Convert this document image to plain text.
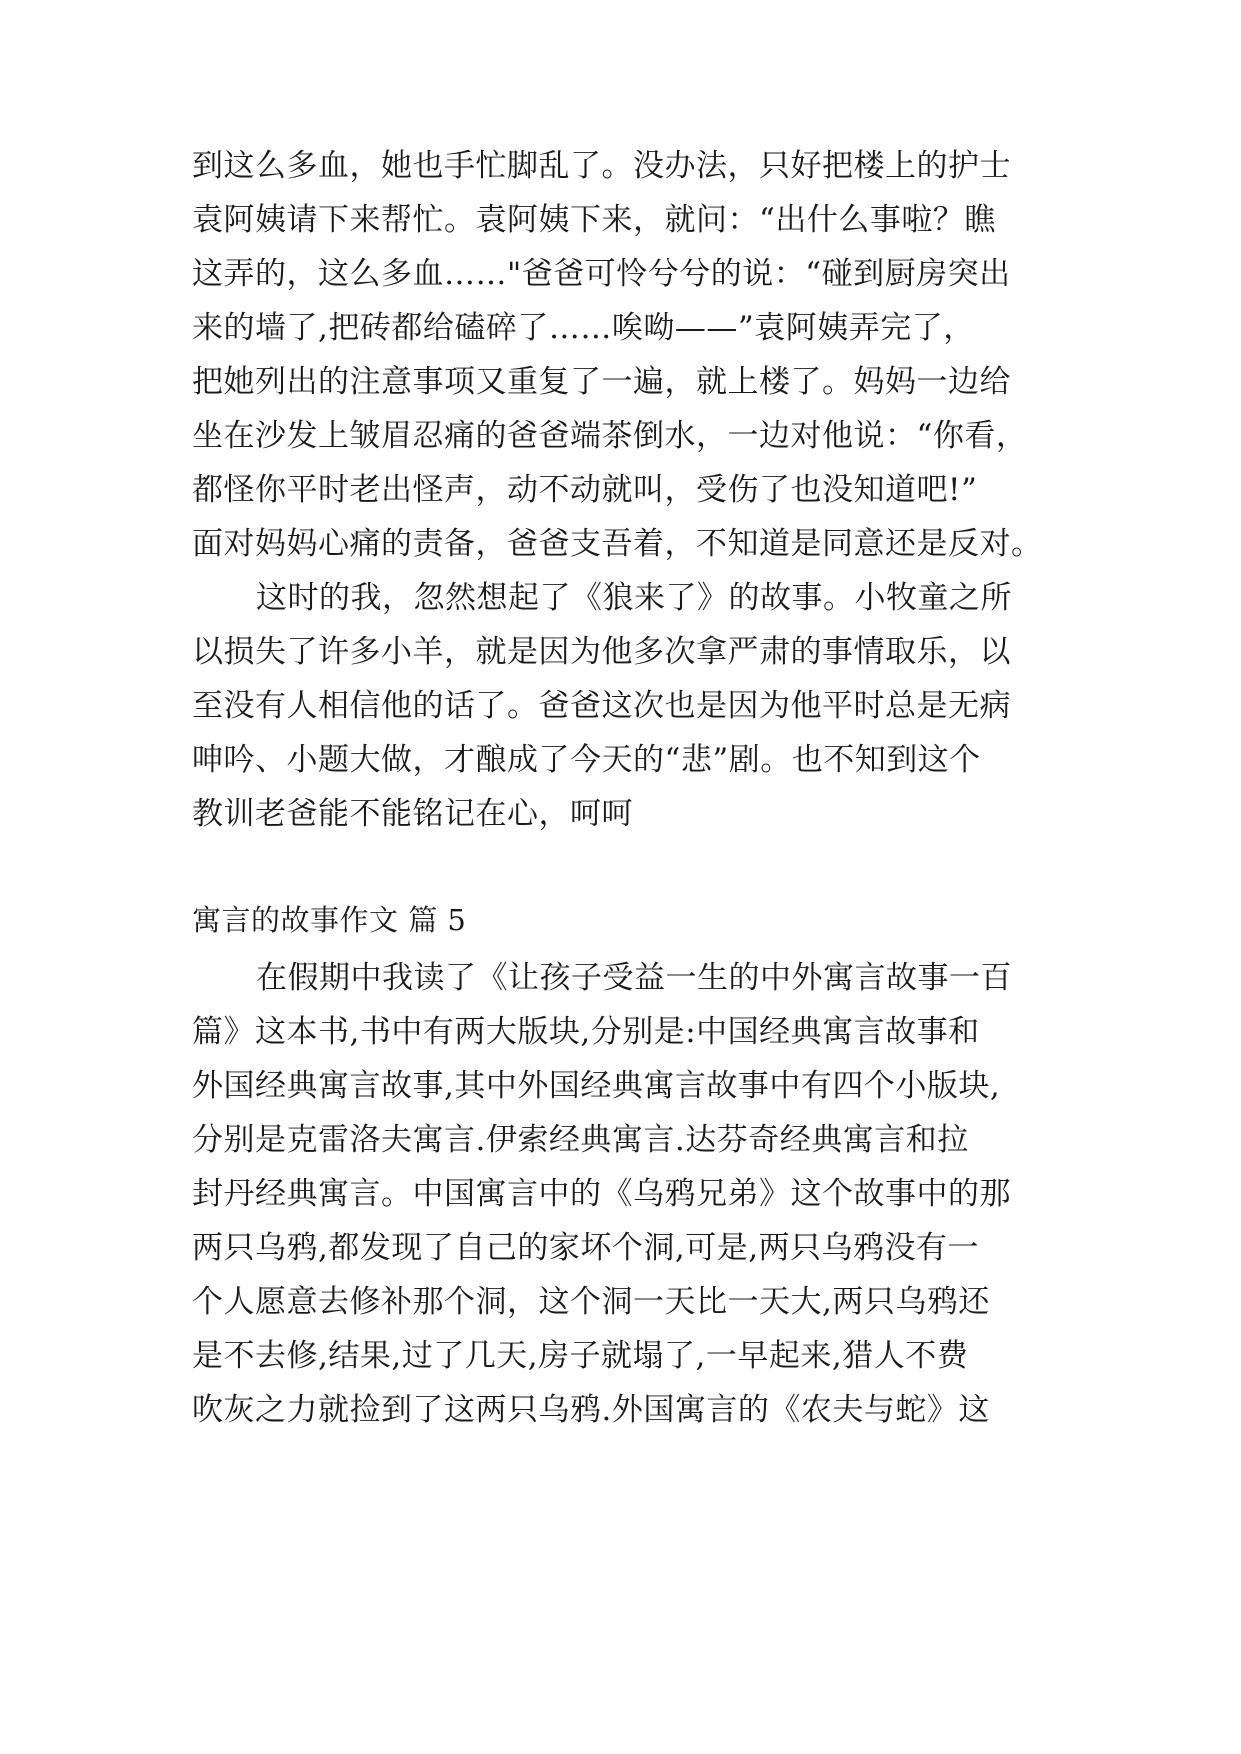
到这么多血，她也手忙脚乱了。没办法，只好把楼上的护士
袁阿姨请下来帮忙。袁阿姨下来，就问：“出什么事啦？瞧
这弄的，这么多血……"爸爸可怜兮兮的说：“碰到厨房突出
来的墙了,把砖都给磕碎了……唉呦——”袁阿姨弄完了，
把她列出的注意事项又重复了一遍，就上楼了。妈妈一边给
坐在沙发上皱眉忍痛的爸爸端茶倒水，一边对他说：“你看，
都怪你平时老出怪声，动不动就叫，受伤了也没知道吧!”
面对妈妈心痛的责备，爸爸支吾着，不知道是同意还是反对。
这时的我，忽然想起了《狼来了》的故事。小牧童之所
以损失了许多小羊，就是因为他多次拿严肃的事情取乐，以
至没有人相信他的话了。爸爸这次也是因为他平时总是无病
呻吟、小题大做，才酿成了今天的“悲”剧。也不知到这个
教训老爸能不能铭记在心，呵呵
寓言的故事作文 篇 5
在假期中我读了《让孩子受益一生的中外寓言故事一百
篇》这本书,书中有两大版块,分别是:中国经典寓言故事和
外国经典寓言故事,其中外国经典寓言故事中有四个小版块,
分别是克雷洛夫寓言.伊索经典寓言.达芬奇经典寓言和拉
封丹经典寓言。中国寓言中的《乌鸦兄弟》这个故事中的那
两只乌鸦,都发现了自己的家坏个洞,可是,两只乌鸦没有一
个人愿意去修补那个洞，这个洞一天比一天大,两只乌鸦还
是不去修,结果,过了几天,房子就塌了,一早起来,猎人不费
吹灰之力就捡到了这两只乌鸦.外国寓言的《农夫与蛇》这
